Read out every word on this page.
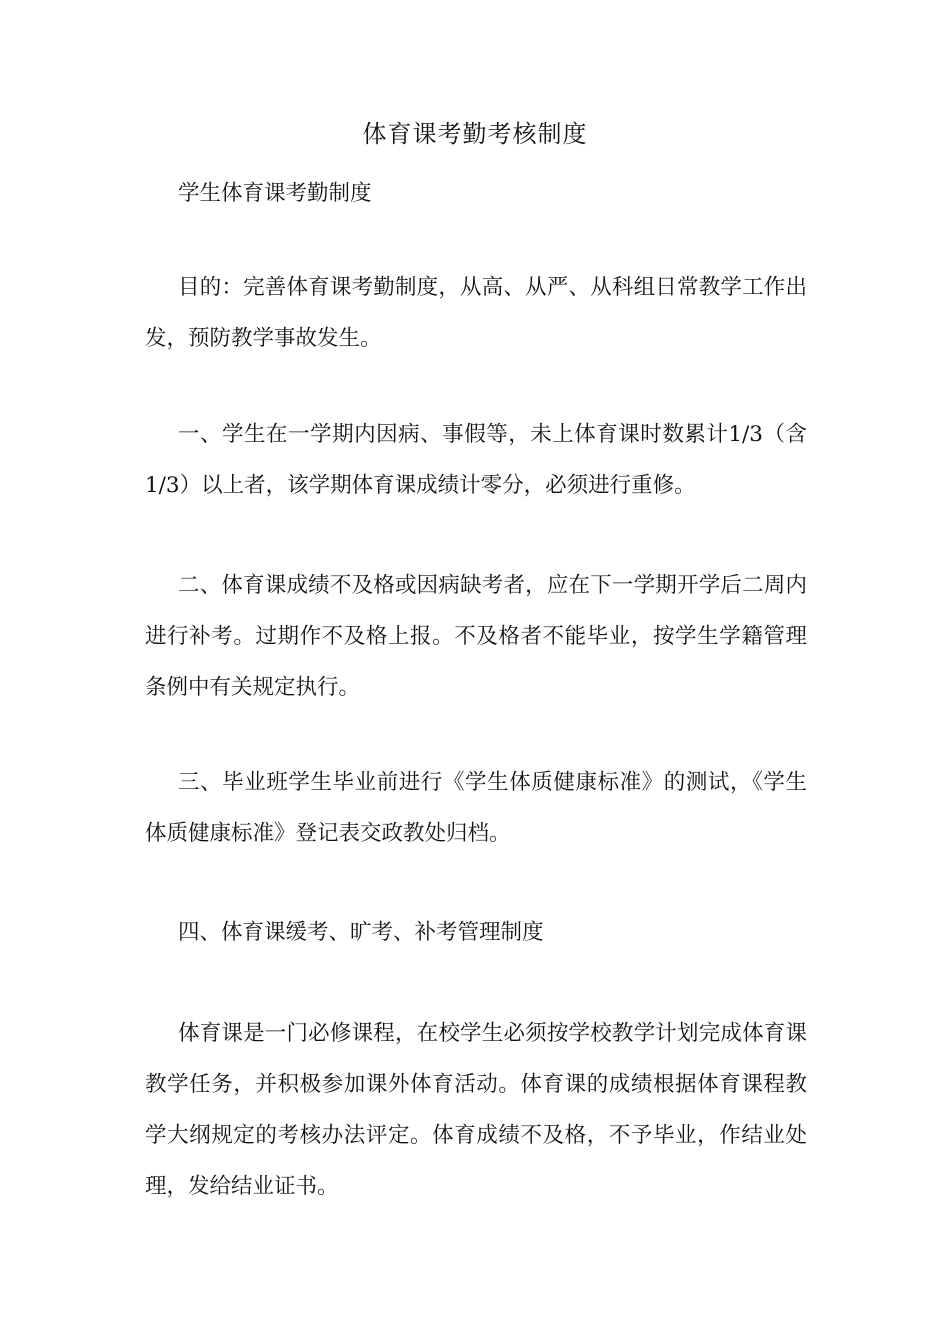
体育课考勤考核制度

学生体育课考勤制度

目的：完善体育课考勤制度，从高、从严、从科组日常教学工作出发，预防教学事故发生。

一、学生在一学期内因病、事假等，未上体育课时数累计1/3（含1/3）以上者，该学期体育课成绩计零分，必须进行重修。

二、体育课成绩不及格或因病缺考者，应在下一学期开学后二周内进行补考。过期作不及格上报。不及格者不能毕业，按学生学籍管理条例中有关规定执行。

三、毕业班学生毕业前进行《学生体质健康标准》的测试，《学生体质健康标准》登记表交政教处归档。

四、体育课缓考、旷考、补考管理制度

体育课是一门必修课程，在校学生必须按学校教学计划完成体育课教学任务，并积极参加课外体育活动。体育课的成绩根据体育课程教学大纲规定的考核办法评定。体育成绩不及格，不予毕业，作结业处理，发给结业证书。
